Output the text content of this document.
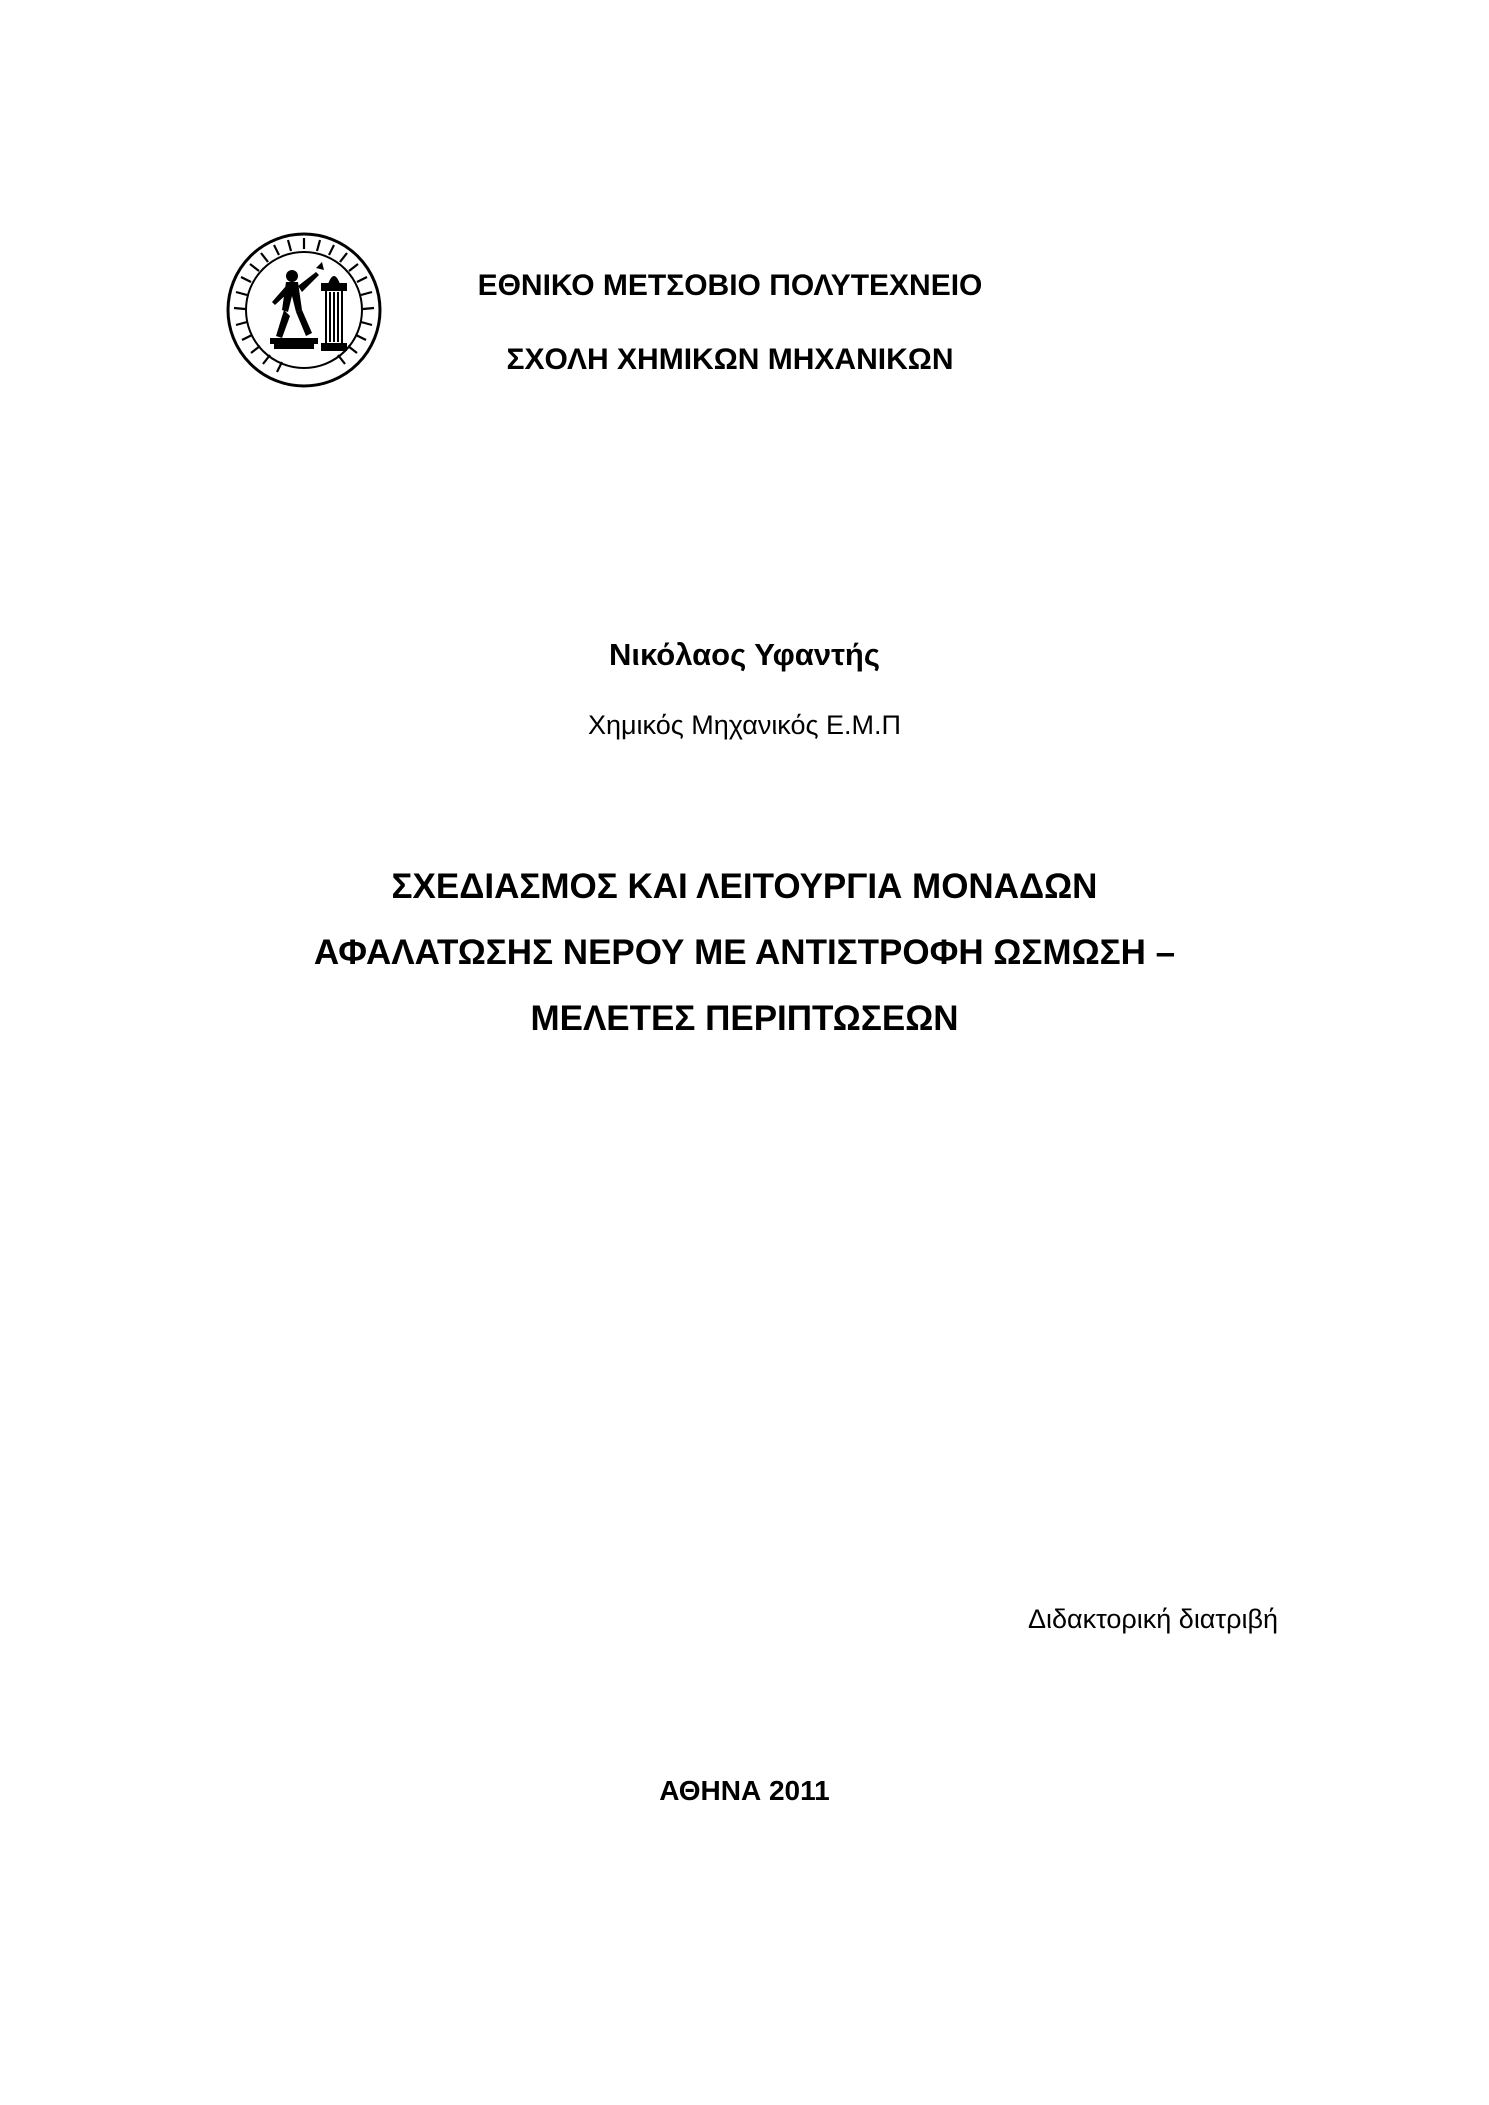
ΕΘΝΙΚΟ ΜΕΤΣΟΒΙΟ ΠΟΛΥΤΕΧΝΕΙΟ
ΣΧΟΛΗ ΧΗΜΙΚΩΝ ΜΗΧΑΝΙΚΩΝ
Νικόλαος Υφαντής
Χημικός Μηχανικός Ε.Μ.Π
ΣΧΕΔΙΑΣΜΟΣ ΚΑΙ ΛΕΙΤΟΥΡΓΙΑ ΜΟΝΑΔΩΝ
ΑΦΑΛΑΤΩΣΗΣ ΝΕΡΟΥ ΜΕ ΑΝΤΙΣΤΡΟΦΗ ΩΣΜΩΣΗ –
ΜΕΛΕΤΕΣ ΠΕΡΙΠΤΩΣΕΩΝ
Διδακτορική διατριβή
ΑΘΗΝΑ 2011
